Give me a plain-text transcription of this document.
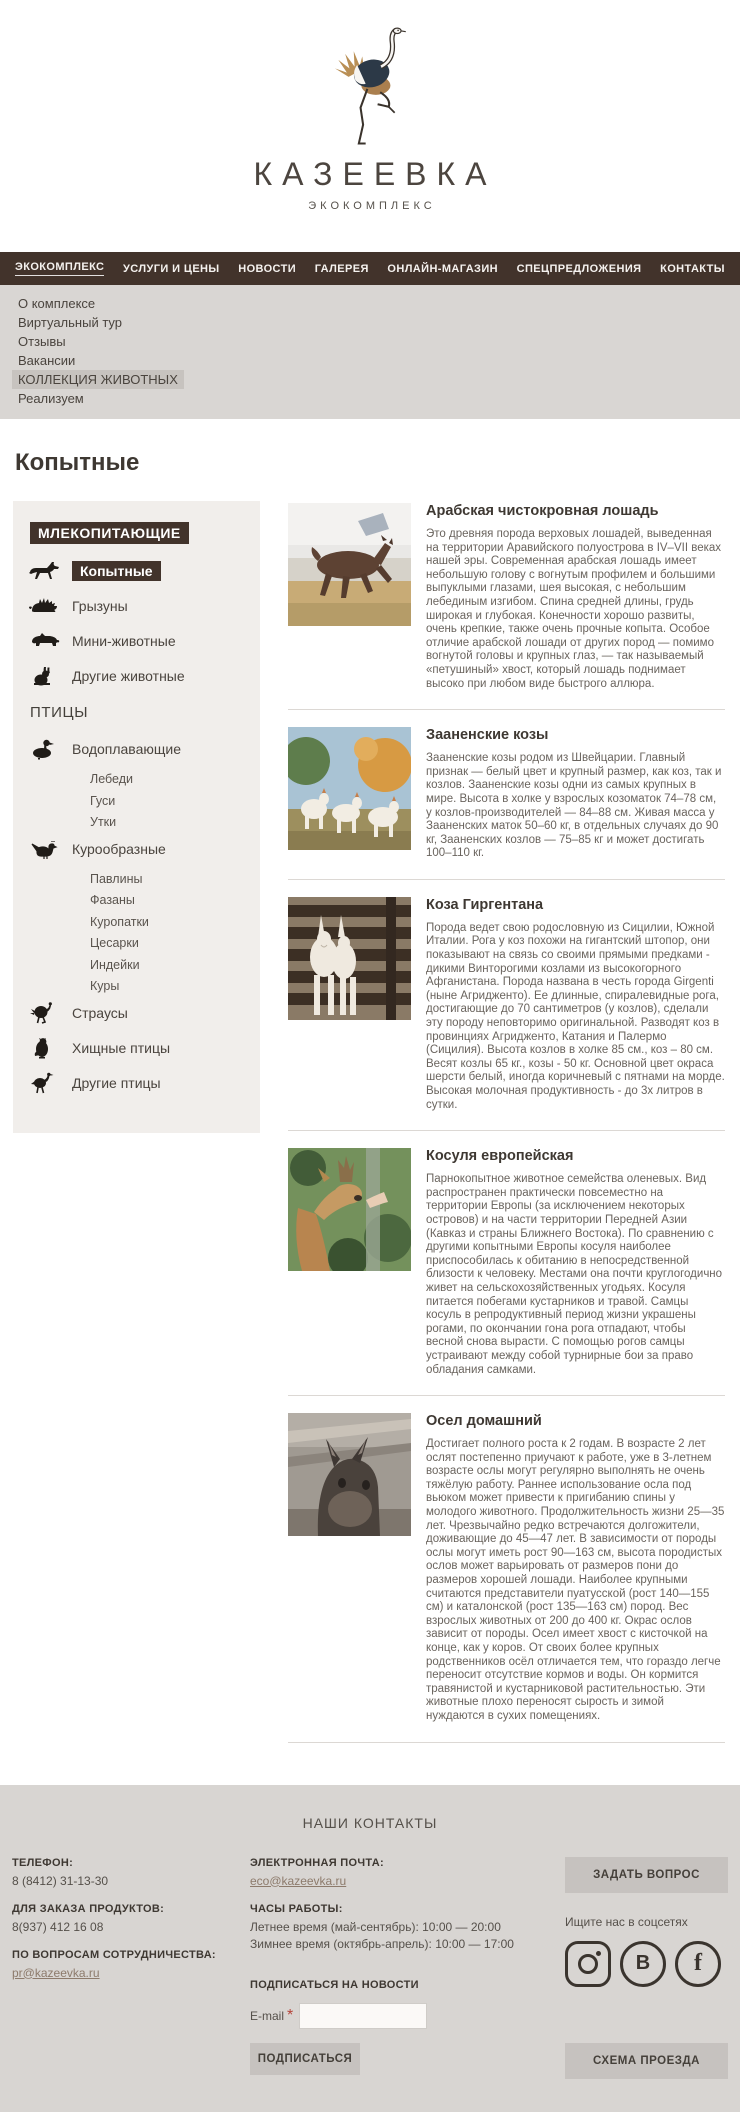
КАЗЕЕВКА
ЭКОКОМПЛЕКС
ЭКОКОМПЛЕКС УСЛУГИ И ЦЕНЫ НОВОСТИ ГАЛЕРЕЯ ОНЛАЙН-МАГАЗИН СПЕЦПРЕДЛОЖЕНИЯ КОНТАКТЫ
О комплексе
Виртуальный тур
Отзывы
Вакансии
КОЛЛЕКЦИЯ ЖИВОТНЫХ
Реализуем
Копытные
МЛЕКОПИТАЮЩИЕ
Копытные
Грызуны
Мини-животные
Другие животные
ПТИЦЫ
Водоплавающие
Лебеди
Гуси
Утки
Курообразные
Павлины
Фазаны
Куропатки
Цесарки
Индейки
Куры
Страусы
Хищные птицы
Другие птицы
Арабская чистокровная лошадь
Это древняя порода верховых лошадей, выведенная на территории Аравийского полуострова в IV–VII веках нашей эры. Современная арабская лошадь имеет небольшую голову с вогнутым профилем и большими выпуклыми глазами, шея высокая, с небольшим лебединым изгибом. Спина средней длины, грудь широкая и глубокая. Конечности хорошо развиты, очень крепкие, также очень прочные копыта. Особое отличие арабской лошади от других пород — помимо вогнутой головы и крупных глаз, — так называемый «петушиный» хвост, который лошадь поднимает высоко при любом виде быстрого аллюра.
Зааненские козы
Зааненские козы родом из Швейцарии. Главный признак — белый цвет и крупный размер, как коз, так и козлов. Зааненские козы одни из самых крупных в мире. Высота в холке у взрослых козоматок 74–78 см, у козлов-производителей — 84–88 см. Живая масса у Зааненских маток 50–60 кг, в отдельных случаях до 90 кг, Зааненских козлов — 75–85 кг и может достигать 100–110 кг.
Коза Гиргентана
Порода ведет свою родословную из Сицилии, Южной Италии. Рога у коз похожи на гигантский штопор, они показывают на связь со своими прямыми предками - дикими Винторогими козлами из высокогорного Афганистана. Порода названа в честь города Girgenti (ныне Агридженто). Ее длинные, спиралевидные рога, достигающие до 70 сантиметров (у козлов), сделали эту породу неповторимо оригинальной. Разводят коз в провинциях Агридженто, Катания и Палермо (Сицилия). Высота козлов в холке 85 см., коз – 80 см. Весят козлы 65 кг., козы - 50 кг. Основной цвет окраса шерсти белый, иногда коричневый с пятнами на морде. Высокая молочная продуктивность - до 3х литров в сутки.
Косуля европейская
Парнокопытное животное семейства оленевых. Вид распространен практически повсеместно на территории Европы (за исключением некоторых островов) и на части территории Передней Азии (Кавказ и страны Ближнего Востока). По сравнению с другими копытными Европы косуля наиболее приспособилась к обитанию в непосредственной близости к человеку. Местами она почти круглогодично живет на сельскохозяйственных угодьях. Косуля питается побегами кустарников и травой. Самцы косуль в репродуктивный период жизни украшены рогами, по окончании гона рога отпадают, чтобы весной снова вырасти. С помощью рогов самцы устраивают между собой турнирные бои за право обладания самками.
Осел домашний
Достигает полного роста к 2 годам. В возрасте 2 лет ослят постепенно приучают к работе, уже в 3-летнем возрасте ослы могут регулярно выполнять не очень тяжёлую работу. Раннее использование осла под вьюком может привести к пригибанию спины у молодого животного. Продолжительность жизни 25—35 лет. Чрезвычайно редко встречаются долгожители, доживающие до 45—47 лет. В зависимости от породы ослы могут иметь рост 90—163 см, высота породистых ослов может варьировать от размеров пони до размеров хорошей лошади. Наиболее крупными считаются представители пуатусской (рост 140—155 см) и каталонской (рост 135—163 см) пород. Вес взрослых животных от 200 до 400 кг. Окрас ослов зависит от породы. Осел имеет хвост с кисточкой на конце, как у коров. От своих более крупных родственников осёл отличается тем, что гораздо легче переносит отсутствие кормов и воды. Он кормится травянистой и кустарниковой растительностью. Эти животные плохо переносят сырость и зимой нуждаются в сухих помещениях.
НАШИ КОНТАКТЫ
ТЕЛЕФОН:
8 (8412) 31-13-30
ДЛЯ ЗАКАЗА ПРОДУКТОВ:
8(937) 412 16 08
ПО ВОПРОСАМ СОТРУДНИЧЕСТВА:
pr@kazeevka.ru
ЭЛЕКТРОННАЯ ПОЧТА:
eco@kazeevka.ru
ЧАСЫ РАБОТЫ:
Летнее время (май-сентябрь): 10:00 — 20:00
Зимнее время (октябрь-апрель): 10:00 — 17:00
ПОДПИСАТЬСЯ НА НОВОСТИ
E-mail *
ПОДПИСАТЬСЯ
ЗАДАТЬ ВОПРОС
Ищите нас в соцсетях
В	f
СХЕМА ПРОЕЗДА
